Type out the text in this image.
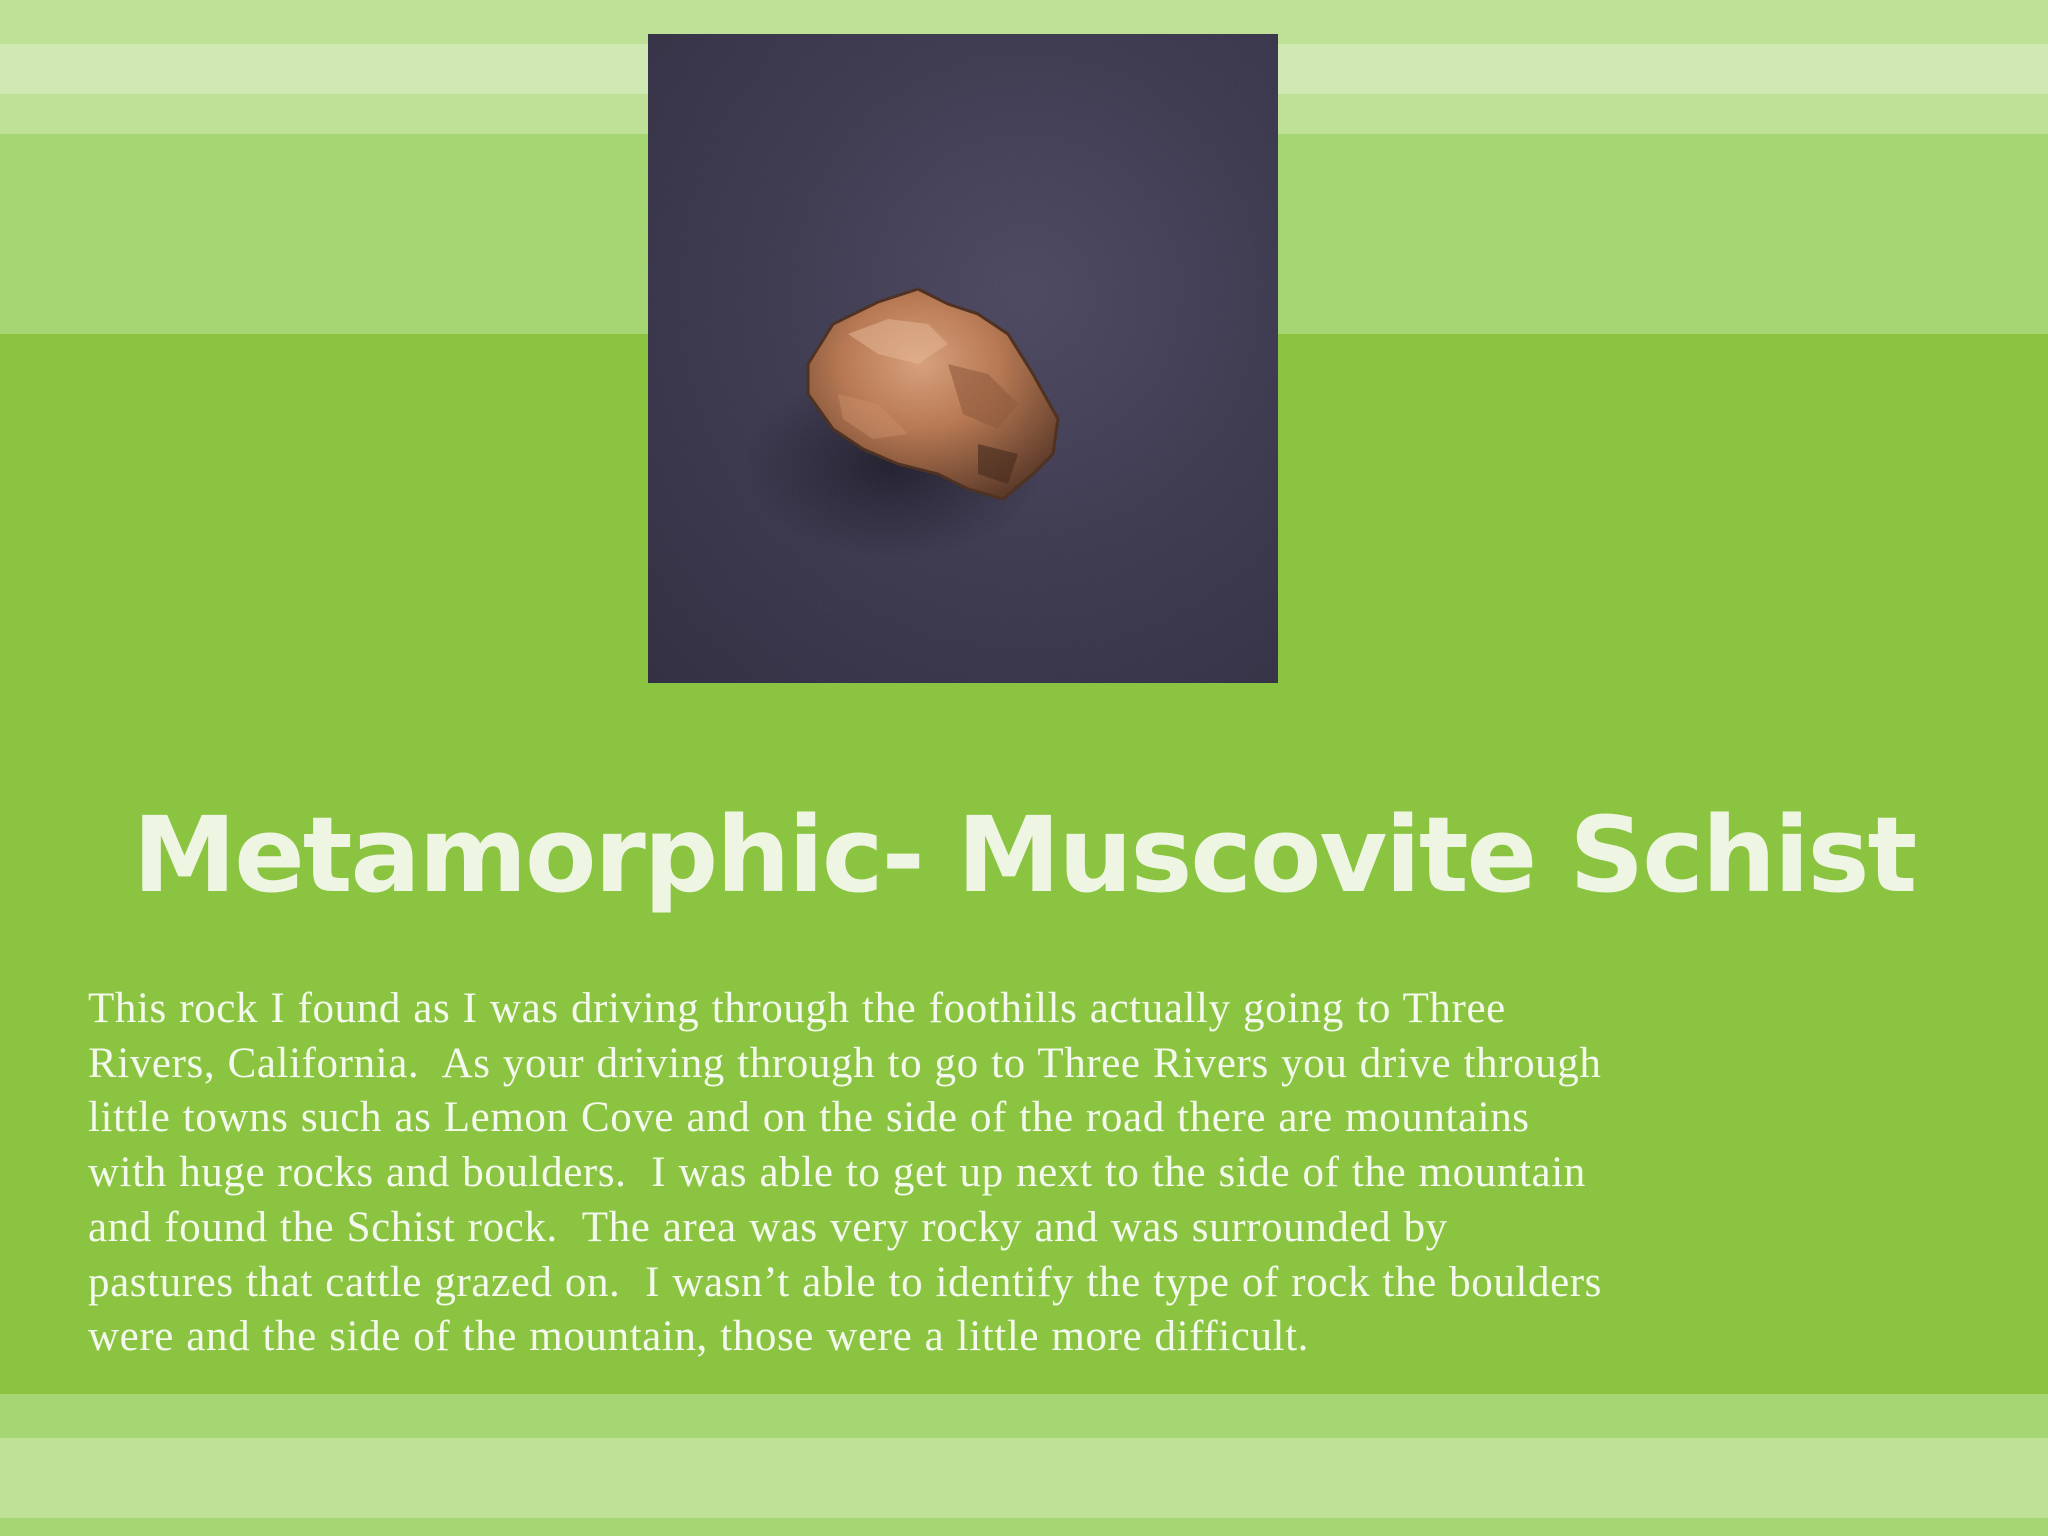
Metamorphic- Muscovite Schist

This rock I found as I was driving through the foothills actually going to Three
Rivers, California.  As your driving through to go to Three Rivers you drive through
little towns such as Lemon Cove and on the side of the road there are mountains
with huge rocks and boulders.  I was able to get up next to the side of the mountain
and found the Schist rock.  The area was very rocky and was surrounded by
pastures that cattle grazed on.  I wasn’t able to identify the type of rock the boulders
were and the side of the mountain, those were a little more difficult.
